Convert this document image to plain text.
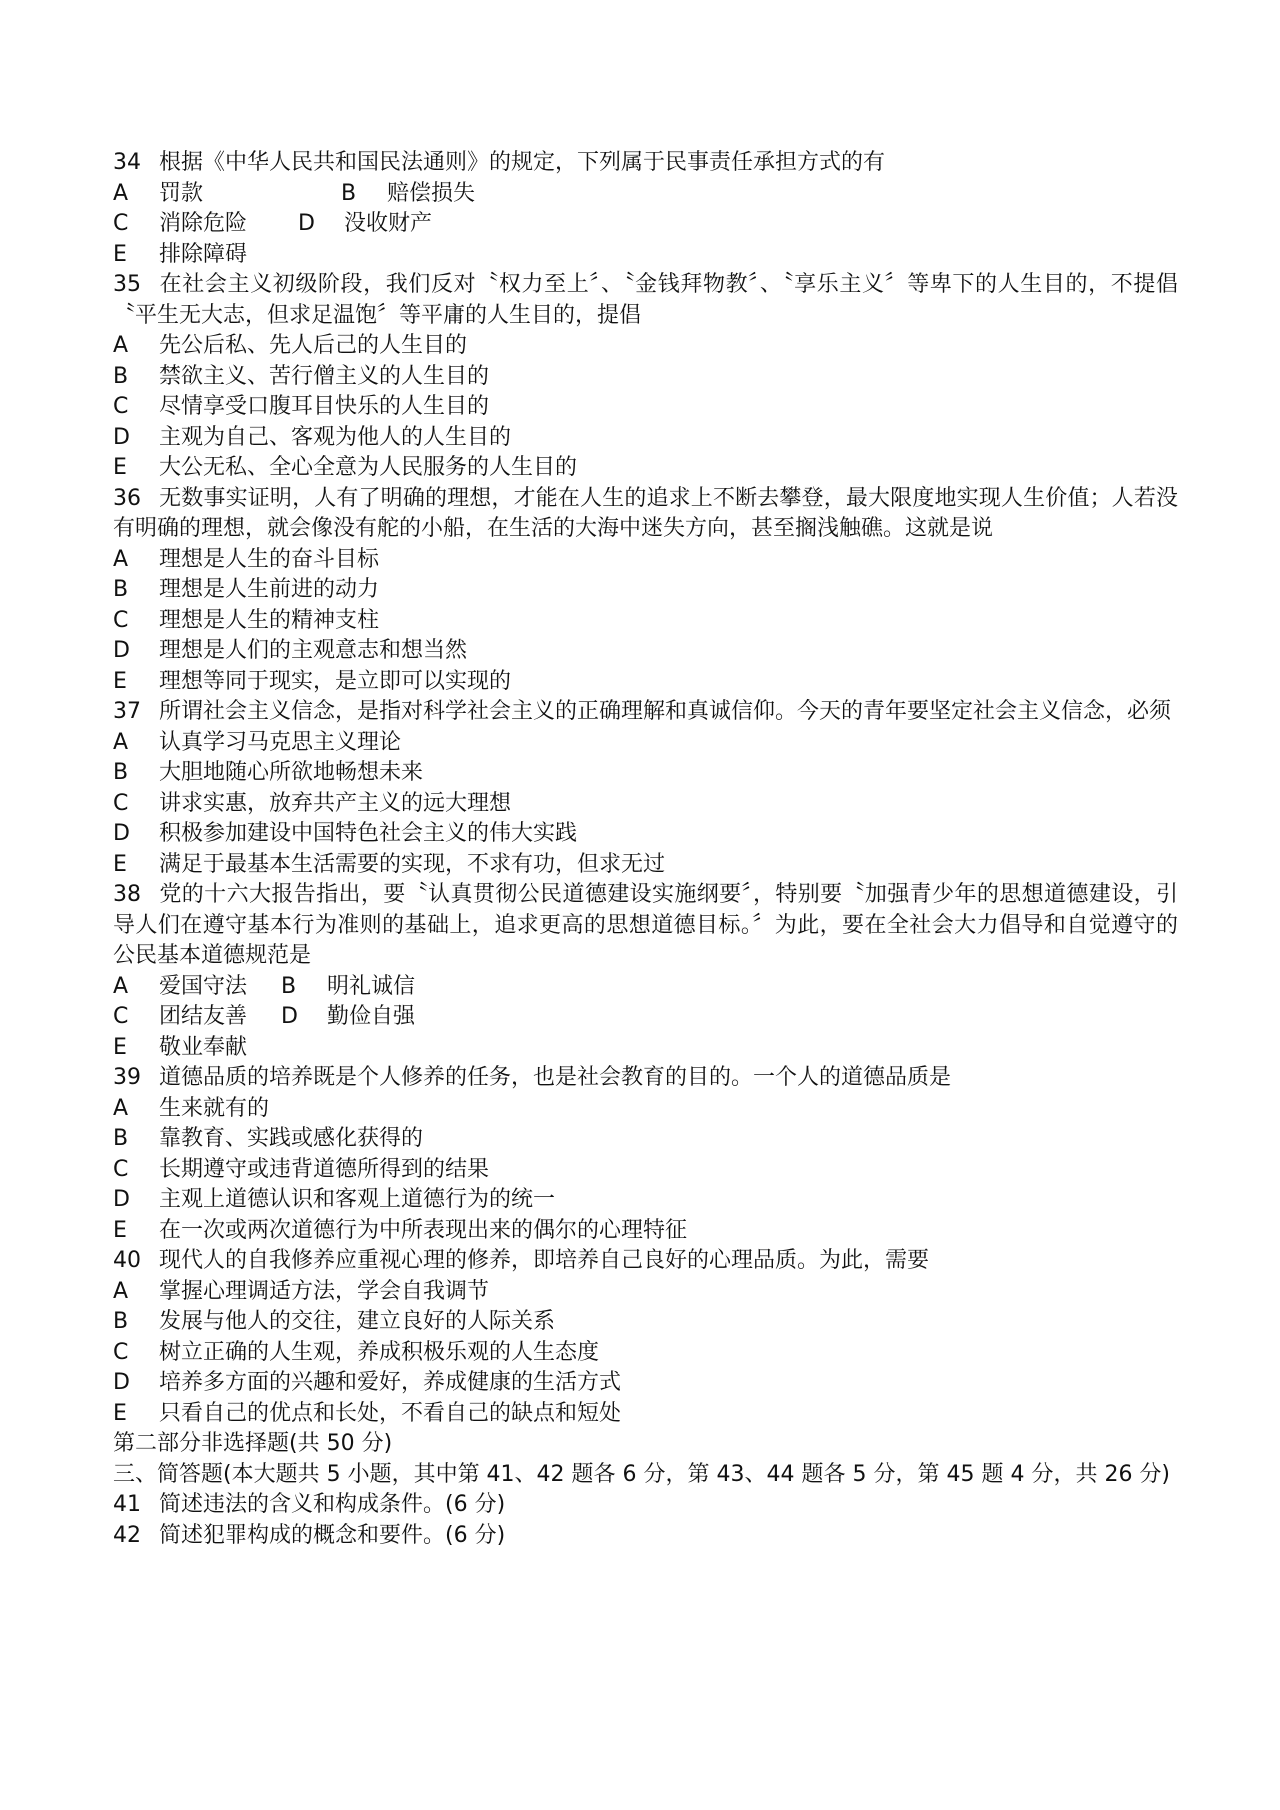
34 根据《中华人民共和国民法通则》的规定，下列属于民事责任承担方式的有
A 罚款	B 赔偿损失
C 消除危险 D 没收财产
E 排除障碍
35 在社会主义初级阶段，我们反对〝权力至上〞、〝金钱拜物教〞、〝享乐主义〞等卑下的人生目的，不提倡〝平生无大志，但求足温饱〞等平庸的人生目的，提倡
A 先公后私、先人后己的人生目的
B 禁欲主义、苦行僧主义的人生目的
C 尽情享受口腹耳目快乐的人生目的
D 主观为自己、客观为他人的人生目的
E 大公无私、全心全意为人民服务的人生目的
36 无数事实证明，人有了明确的理想，才能在人生的追求上不断去攀登，最大限度地实现人生价值；人若没有明确的理想，就会像没有舵的小船，在生活的大海中迷失方向，甚至搁浅触礁。这就是说
A 理想是人生的奋斗目标
B 理想是人生前进的动力
C 理想是人生的精神支柱
D 理想是人们的主观意志和想当然
E 理想等同于现实，是立即可以实现的
37 所谓社会主义信念，是指对科学社会主义的正确理解和真诚信仰。今天的青年要坚定社会主义信念，必须
A 认真学习马克思主义理论
B 大胆地随心所欲地畅想未来
C 讲求实惠，放弃共产主义的远大理想
D 积极参加建设中国特色社会主义的伟大实践
E 满足于最基本生活需要的实现，不求有功，但求无过
38 党的十六大报告指出，要〝认真贯彻公民道德建设实施纲要〞，特别要〝加强青少年的思想道德建设，引导人们在遵守基本行为准则的基础上，追求更高的思想道德目标。〞为此，要在全社会大力倡导和自觉遵守的公民基本道德规范是
A 爱国守法 B 明礼诚信
C 团结友善 D 勤俭自强
E 敬业奉献
39 道德品质的培养既是个人修养的任务，也是社会教育的目的。一个人的道德品质是
A 生来就有的
B 靠教育、实践或感化获得的
C 长期遵守或违背道德所得到的结果
D 主观上道德认识和客观上道德行为的统一
E 在一次或两次道德行为中所表现出来的偶尔的心理特征
40 现代人的自我修养应重视心理的修养，即培养自己良好的心理品质。为此，需要
A 掌握心理调适方法，学会自我调节
B 发展与他人的交往，建立良好的人际关系
C 树立正确的人生观，养成积极乐观的人生态度
D 培养多方面的兴趣和爱好，养成健康的生活方式
E 只看自己的优点和长处，不看自己的缺点和短处
第二部分非选择题(共 50 分)
三、简答题(本大题共 5 小题，其中第 41、42 题各 6 分，第 43、44 题各 5 分，第 45 题 4 分，共 26 分)
41 简述违法的含义和构成条件。(6 分)
42 简述犯罪构成的概念和要件。(6 分)
